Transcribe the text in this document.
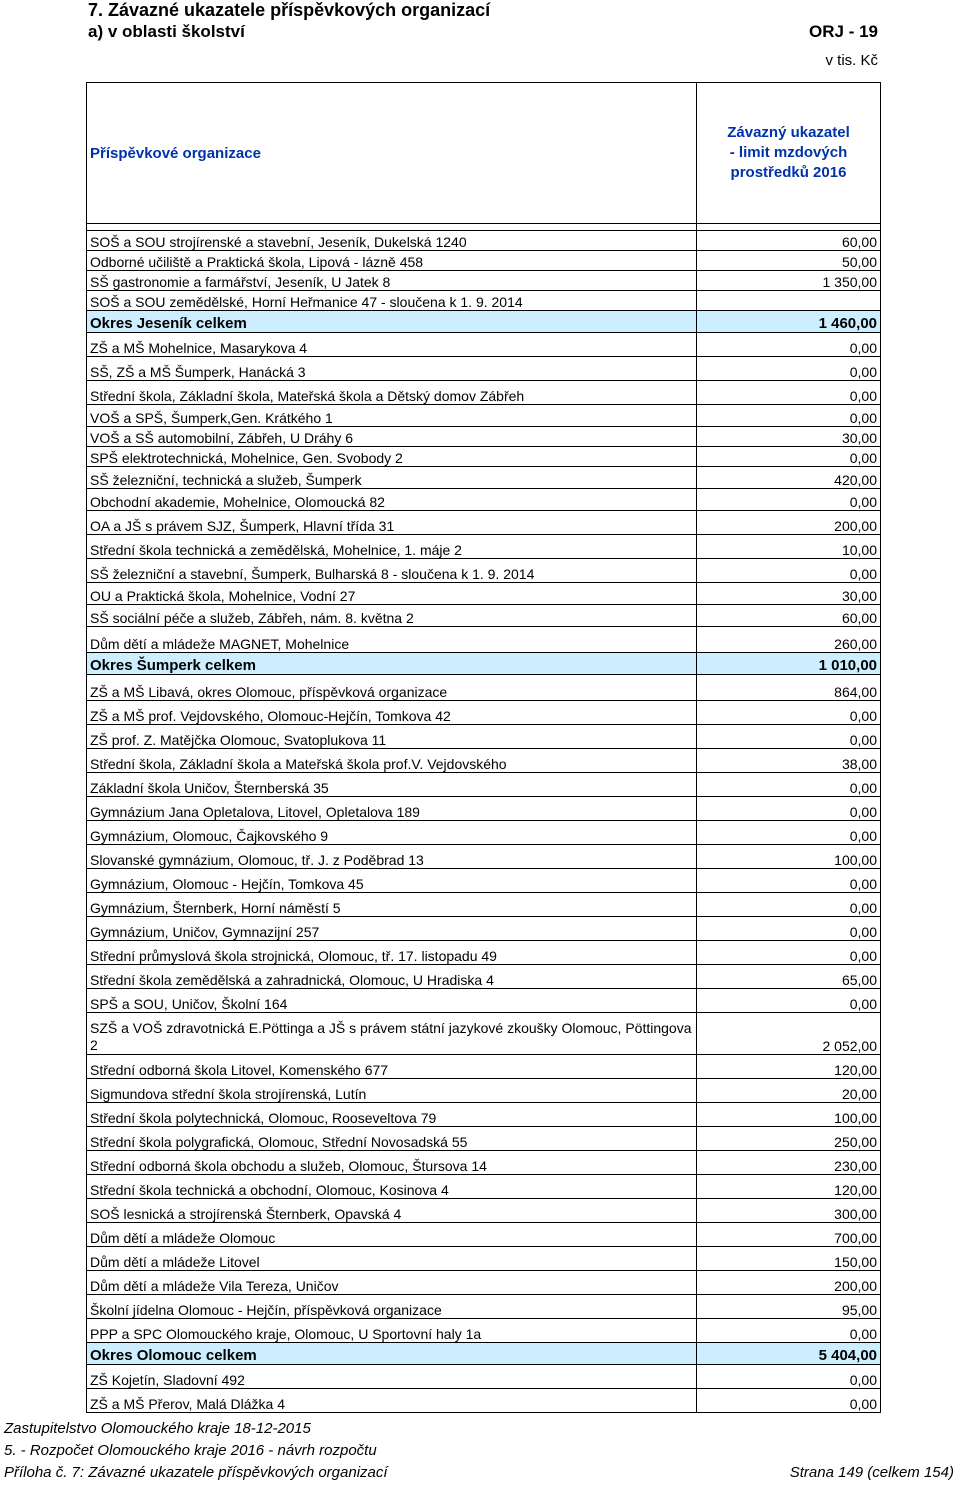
7. Závazné ukazatele příspěvkových organizací
a) v oblasti školství	ORJ - 19
v tis. Kč
Příspěvkové organizace	Závazný ukazatel
- limit mzdových
prostředků 2016

SOŠ a SOU strojírenské a stavební, Jeseník, Dukelská 1240	60,00
Odborné učiliště a Praktická škola, Lipová - lázně 458	50,00
SŠ gastronomie a farmářství, Jeseník, U Jatek 8	1 350,00
SOŠ a SOU zemědělské, Horní Heřmanice 47 - sloučena k 1. 9. 2014	
Okres Jeseník celkem	1 460,00
ZŠ a MŠ Mohelnice, Masarykova 4	0,00
SŠ, ZŠ a MŠ Šumperk, Hanácká 3	0,00
Střední škola, Základní škola, Mateřská škola a Dětský domov Zábřeh	0,00
VOŠ a SPŠ, Šumperk,Gen. Krátkého 1	0,00
VOŠ a SŠ automobilní, Zábřeh, U Dráhy 6	30,00
SPŠ elektrotechnická, Mohelnice, Gen. Svobody 2	0,00
SŠ železniční, technická a služeb, Šumperk	420,00
Obchodní akademie, Mohelnice, Olomoucká 82	0,00
OA a JŠ s právem SJZ, Šumperk, Hlavní třída 31	200,00
Střední škola technická a zemědělská, Mohelnice, 1. máje 2	10,00
SŠ železniční a stavební, Šumperk, Bulharská 8 - sloučena k 1. 9. 2014	0,00
OU a Praktická škola, Mohelnice, Vodní 27	30,00
SŠ sociální péče a služeb, Zábřeh, nám. 8. května 2	60,00
Dům dětí a mládeže MAGNET, Mohelnice	260,00
Okres Šumperk celkem	1 010,00
ZŠ a MŠ Libavá, okres Olomouc, příspěvková organizace	864,00
ZŠ a MŠ prof. Vejdovského, Olomouc-Hejčín, Tomkova 42	0,00
ZŠ prof. Z. Matějčka Olomouc, Svatoplukova 11	0,00
Střední škola, Základní škola a Mateřská škola prof.V. Vejdovského	38,00
Základní škola Uničov, Šternberská 35	0,00
Gymnázium Jana Opletalova, Litovel, Opletalova 189	0,00
Gymnázium, Olomouc, Čajkovského 9	0,00
Slovanské gymnázium, Olomouc, tř. J. z Poděbrad 13	100,00
Gymnázium, Olomouc - Hejčín, Tomkova 45	0,00
Gymnázium, Šternberk, Horní náměstí 5	0,00
Gymnázium, Uničov, Gymnazijní 257	0,00
Střední průmyslová škola strojnická, Olomouc, tř. 17. listopadu 49	0,00
Střední škola zemědělská a zahradnická, Olomouc, U Hradiska 4	65,00
SPŠ a SOU, Uničov, Školní 164	0,00
SZŠ a VOŠ zdravotnická E.Pöttinga a JŠ s právem státní jazykové zkoušky Olomouc, Pöttingova 2	2 052,00
Střední odborná škola Litovel, Komenského 677	120,00
Sigmundova střední škola strojírenská, Lutín	20,00
Střední škola polytechnická, Olomouc, Rooseveltova 79	100,00
Střední škola polygrafická, Olomouc, Střední Novosadská 55	250,00
Střední odborná škola obchodu a služeb, Olomouc, Štursova 14	230,00
Střední škola technická a obchodní, Olomouc, Kosinova 4	120,00
SOŠ lesnická a strojírenská Šternberk, Opavská 4	300,00
Dům dětí a mládeže Olomouc	700,00
Dům dětí a mládeže Litovel	150,00
Dům dětí a mládeže Vila Tereza, Uničov	200,00
Školní jídelna Olomouc - Hejčín, příspěvková organizace	95,00
PPP a SPC Olomouckého kraje, Olomouc, U Sportovní haly 1a	0,00
Okres Olomouc celkem	5 404,00
ZŠ Kojetín, Sladovní 492	0,00
ZŠ a MŠ Přerov, Malá Dlážka 4	0,00
Zastupitelstvo Olomouckého kraje 18-12-2015
5. - Rozpočet Olomouckého kraje 2016 - návrh rozpočtu
Příloha č. 7: Závazné ukazatele příspěvkových organizací	Strana 149 (celkem 154)
